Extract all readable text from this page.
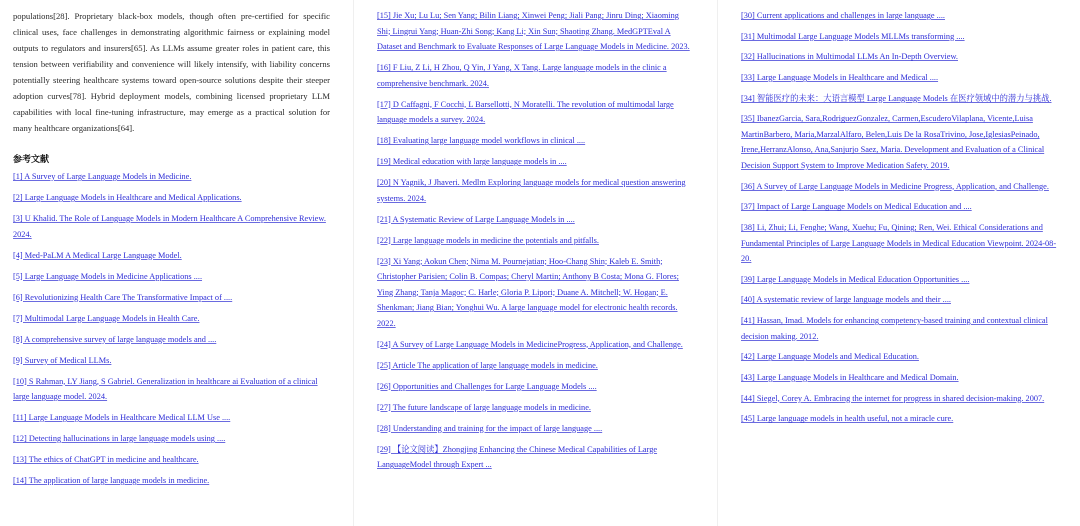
populations[28]. Proprietary black-box models, though often pre-certified for specific clinical uses, face challenges in demonstrating algorithmic fairness or explaining model outputs to regulators and insurers[65]. As LLMs assume greater roles in patient care, this tension between verifiability and convenience will likely intensify, with liability concerns potentially steering healthcare systems toward open-source solutions despite their steeper adoption curves[78]. Hybrid deployment models, combining licensed proprietary LLM capabilities with local fine-tuning infrastructure, may emerge as a practical solution for many healthcare organizations[64].

参考文献
[1] A Survey of Large Language Models in Medicine.
[2] Large Language Models in Healthcare and Medical Applications.
[3] U Khalid. The Role of Language Models in Modern Healthcare A Comprehensive Review. 2024.
[4] Med-PaLM A Medical Large Language Model.
[5] Large Language Models in Medicine Applications ....
[6] Revolutionizing Health Care The Transformative Impact of ....
[7] Multimodal Large Language Models in Health Care.
[8] A comprehensive survey of large language models and ....
[9] Survey of Medical LLMs.
[10] S Rahman, LY Jiang, S Gabriel. Generalization in healthcare ai Evaluation of a clinical large language model. 2024.
[11] Large Language Models in Healthcare Medical LLM Use ....
[12] Detecting hallucinations in large language models using ....
[13] The ethics of ChatGPT in medicine and healthcare.
[14] The application of large language models in medicine.
[15] Jie Xu; Lu Lu; Sen Yang; Bilin Liang; Xinwei Peng; Jiali Pang; Jinru Ding; Xiaoming Shi; Lingrui Yang; Huan-Zhi Song; Kang Li; Xin Sun; Shaoting Zhang. MedGPTEval A Dataset and Benchmark to Evaluate Responses of Large Language Models in Medicine. 2023.
[16] F Liu, Z Li, H Zhou, Q Yin, J Yang, X Tang. Large language models in the clinic a comprehensive benchmark. 2024.
[17] D Caffagni, F Cocchi, L Barsellotti, N Moratelli. The revolution of multimodal large language models a survey. 2024.
[18] Evaluating large language model workflows in clinical ....
[19] Medical education with large language models in ....
[20] N Yagnik, J Jhaveri. Medlm Exploring language models for medical question answering systems. 2024.
[21] A Systematic Review of Large Language Models in ....
[22] Large language models in medicine the potentials and pitfalls.
[23] Xi Yang; Aokun Chen; Nima M. Pournejatian; Hoo-Chang Shin; Kaleb E. Smith; Christopher Parisien; Colin B. Compas; Cheryl Martin; Anthony B Costa; Mona G. Flores; Ying Zhang; Tanja Magoc; C. Harle; Gloria P. Lipori; Duane A. Mitchell; W. Hogan; E. Shenkman; Jiang Bian; Yonghui Wu. A large language model for electronic health records. 2022.
[24] A Survey of Large Language Models in MedicineProgress, Application, and Challenge.
[25] Article The application of large language models in medicine.
[26] Opportunities and Challenges for Large Language Models ....
[27] The future landscape of large language models in medicine.
[28] Understanding and training for the impact of large language ....
[29] 【论文阅读】Zhongjing Enhancing the Chinese Medical Capabilities of Large LanguageModel through Expert ...
[30] Current applications and challenges in large language ....
[31] Multimodal Large Language Models MLLMs transforming ....
[32] Hallucinations in Multimodal LLMs An In-Depth Overview.
[33] Large Language Models in Healthcare and Medical ....
[34] 智能医疗的未来：大语言模型 Large Language Models 在医疗领域中的潜力与挑战.
[35] IbanezGarcia, Sara,RodriguezGonzalez, Carmen,EscuderoVilaplana, Vicente,Luisa MartinBarbero, Maria,MarzalAlfaro, Belen,Luis De la RosaTrivino, Jose,IglesiasPeinado, Irene,HerranzAlonso, Ana,Sanjurjo Saez, Maria. Development and Evaluation of a Clinical Decision Support System to Improve Medication Safety. 2019.
[36] A Survey of Large Language Models in Medicine Progress, Application, and Challenge.
[37] Impact of Large Language Models on Medical Education and ....
[38] Li, Zhui; Li, Fenghe; Wang, Xuehu; Fu, Qining; Ren, Wei. Ethical Considerations and Fundamental Principles of Large Language Models in Medical Education Viewpoint. 2024-08-20.
[39] Large Language Models in Medical Education Opportunities ....
[40] A systematic review of large language models and their ....
[41] Hassan, Imad. Models for enhancing competency-based training and contextual clinical decision making. 2012.
[42] Large Language Models and Medical Education.
[43] Large Language Models in Healthcare and Medical Domain.
[44] Siegel, Corey A. Embracing the internet for progress in shared decision-making. 2007.
[45] Large language models in health useful, not a miracle cure.
